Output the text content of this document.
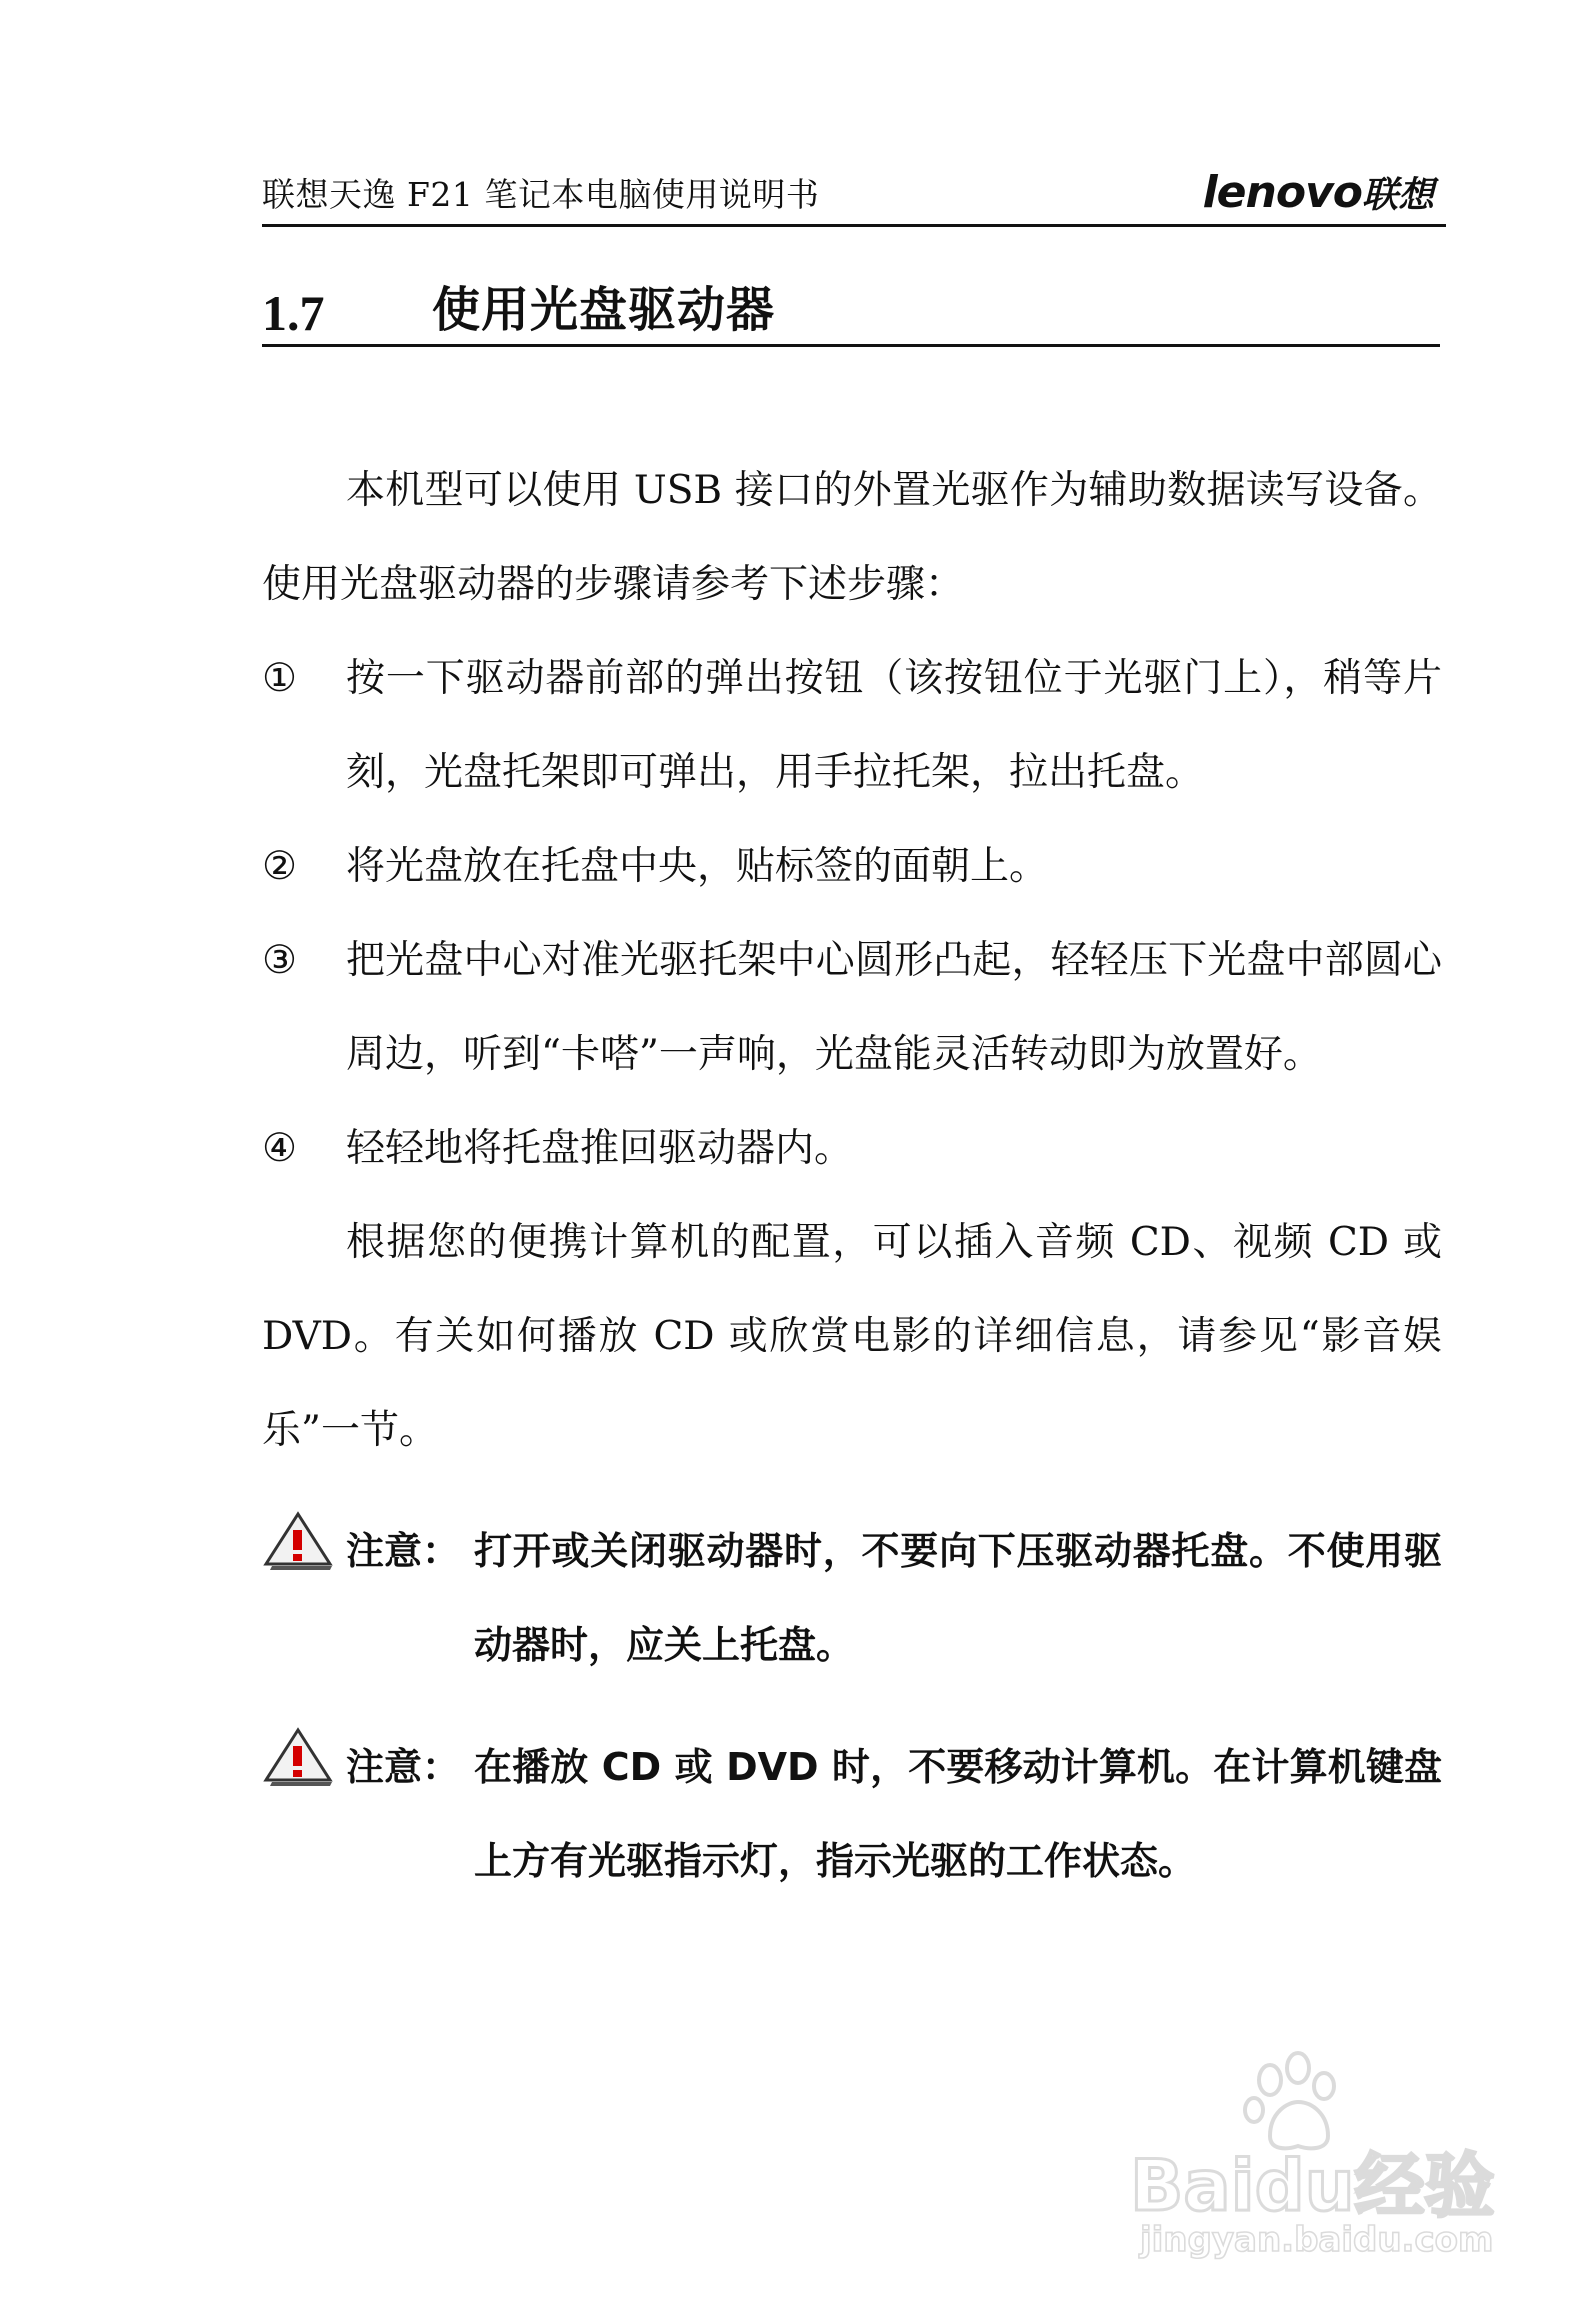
联想天逸 F21 笔记本电脑使用说明书	lenovo联想
1.7 使用光盘驱动器

本机型可以使用 USB 接口的外置光驱作为辅助数据读写设备。使用光盘驱动器的步骤请参考下述步骤：

① 按一下驱动器前部的弹出按钮（该按钮位于光驱门上），稍等片刻，光盘托架即可弹出，用手拉托架，拉出托盘。
② 将光盘放在托盘中央，贴标签的面朝上。
③ 把光盘中心对准光驱托架中心圆形凸起，轻轻压下光盘中部圆心周边，听到“卡嗒”一声响，光盘能灵活转动即为放置好。
④ 轻轻地将托盘推回驱动器内。

根据您的便携计算机的配置，可以插入音频 CD、视频 CD 或 DVD。有关如何播放 CD 或欣赏电影的详细信息，请参见“影音娱乐”一节。

注意： 打开或关闭驱动器时，不要向下压驱动器托盘。不使用驱动器时，应关上托盘。
注意： 在播放 CD 或 DVD 时，不要移动计算机。在计算机键盘上方有光驱指示灯，指示光驱的工作状态。
Baidu经验
jingyan.baidu.com
